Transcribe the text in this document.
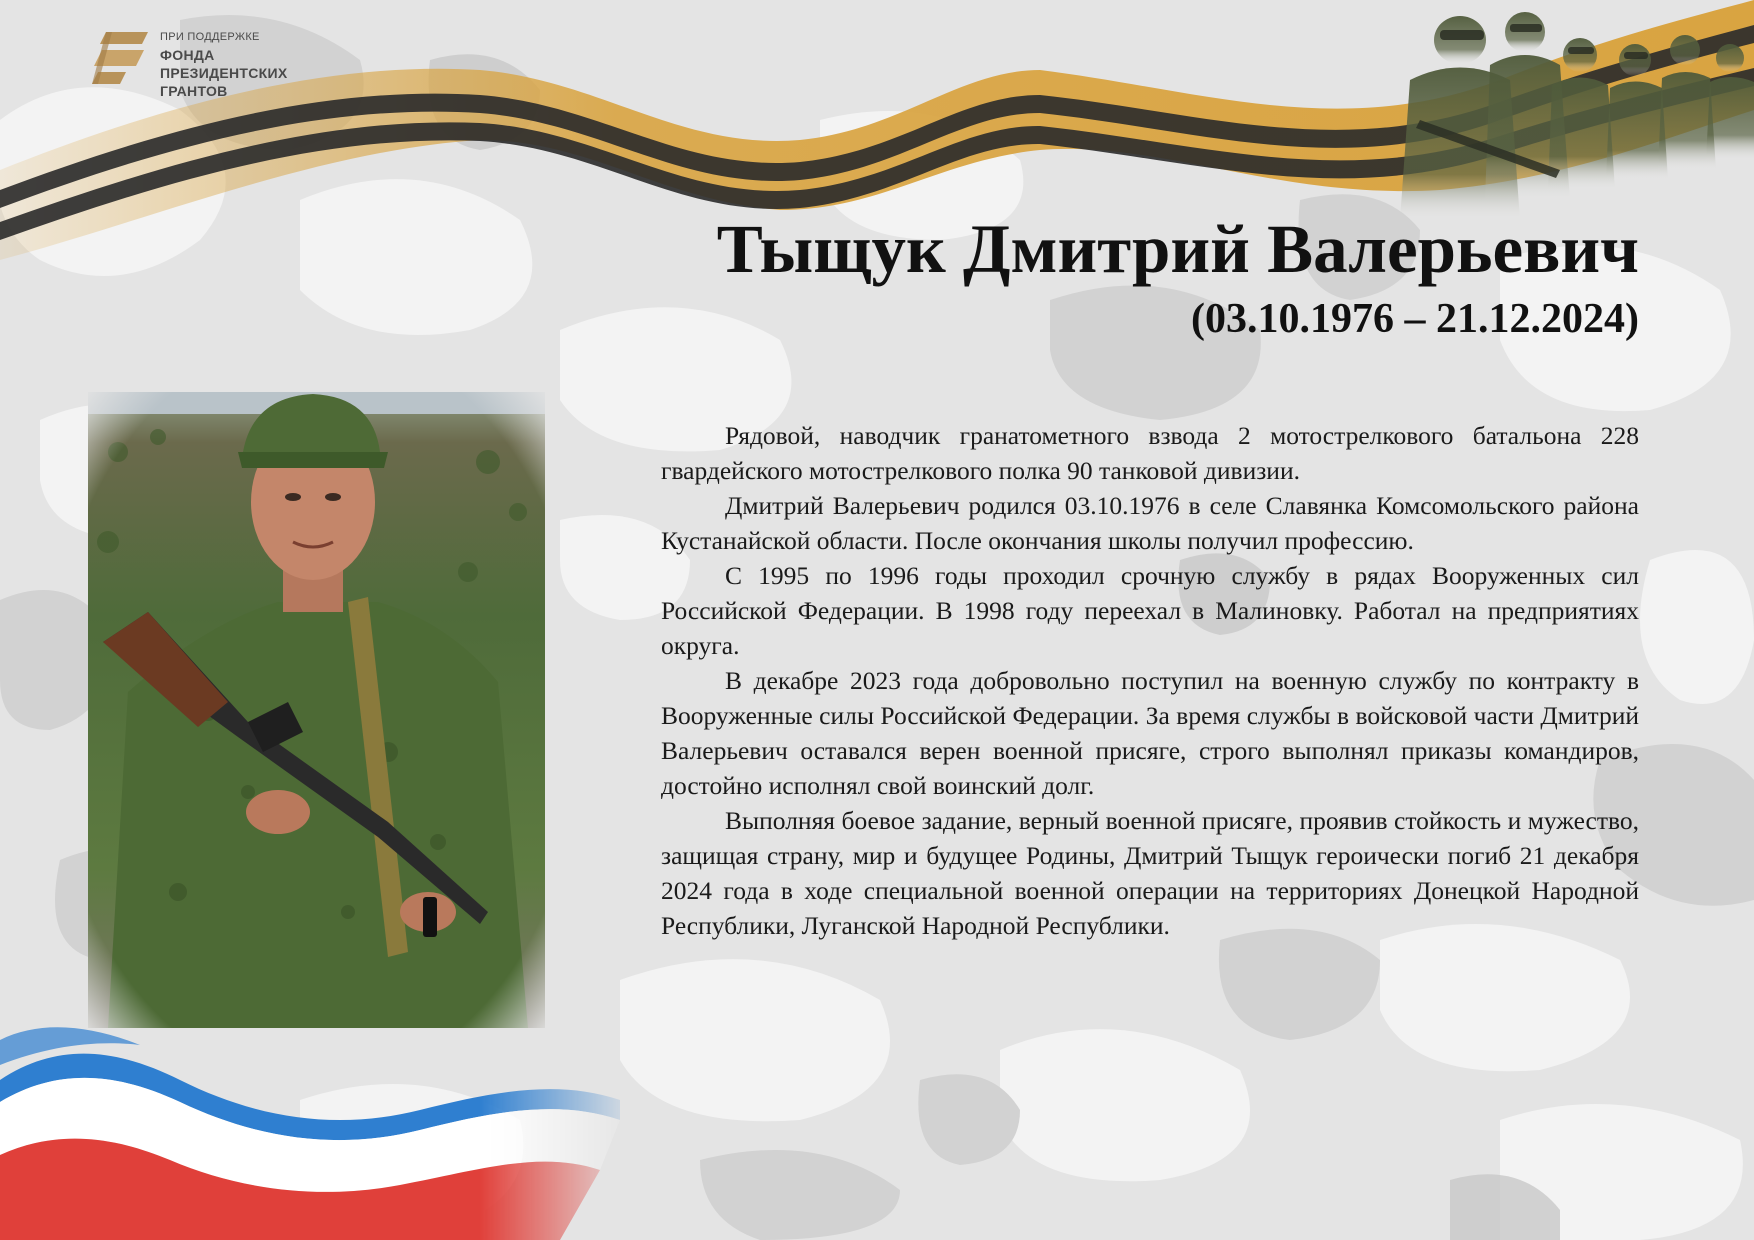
ПРИ ПОДДЕРЖКЕ
ФОНДА
ПРЕЗИДЕНТСКИХ
ГРАНТОВ
Тыщук Дмитрий Валерьевич
(03.10.1976 – 21.12.2024)

Рядовой, наводчик гранатометного взвода 2 мотострелкового батальона 228 гвардейского мотострелкового полка 90 танковой дивизии.

Дмитрий Валерьевич родился 03.10.1976 в селе Славянка Комсомольского района Кустанайской области. После окончания школы получил профессию.

С 1995 по 1996 годы проходил срочную службу в рядах Вооруженных сил Российской Федерации. В 1998 году переехал в Малиновку. Работал на предприятиях округа.

В декабре 2023 года добровольно поступил на военную службу по контракту в Вооруженные силы Российской Федерации. За время службы в войсковой части Дмитрий Валерьевич оставался верен военной присяге, строго выполнял приказы командиров, достойно исполнял свой воинский долг.

Выполняя боевое задание, верный военной присяге, проявив стойкость и мужество, защищая страну, мир и будущее Родины, Дмитрий Тыщук героически погиб 21 декабря 2024 года в ходе специальной военной операции на территориях Донецкой Народной Республики, Луганской Народной Республики.
